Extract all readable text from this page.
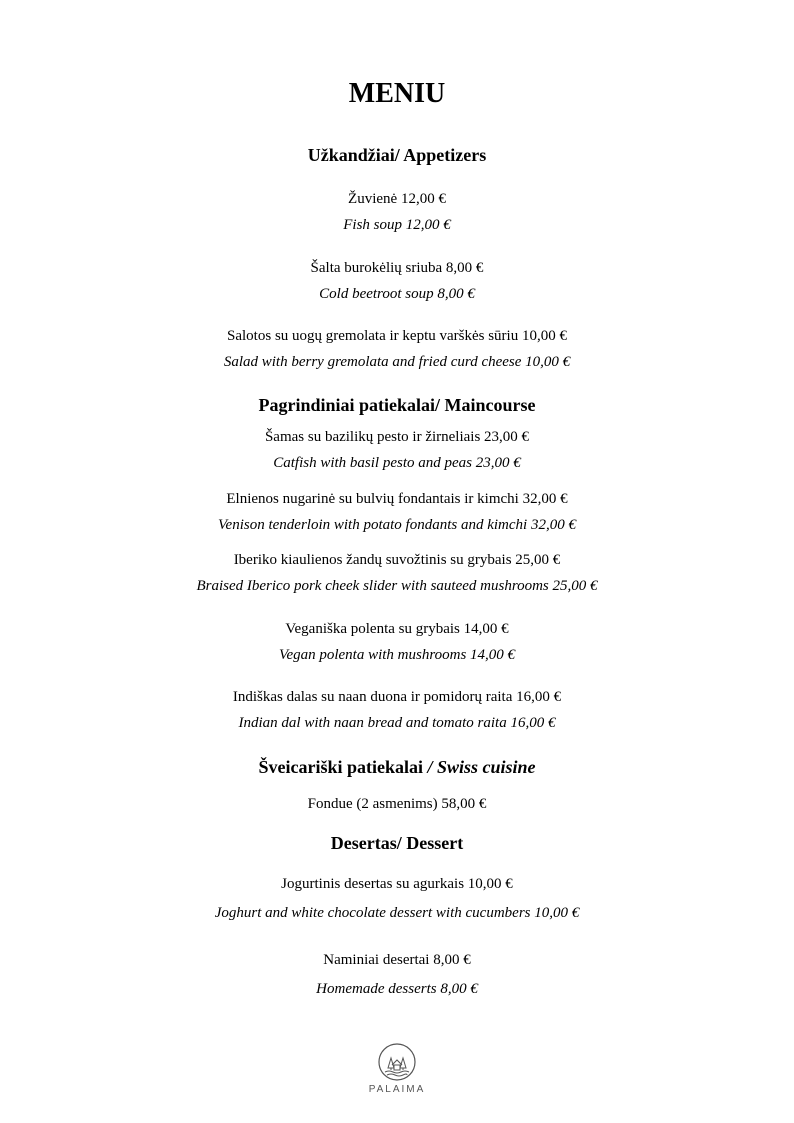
MENIU
Užkandžiai/ Appetizers
Žuvienė 12,00 €
Fish soup 12,00 €
Šalta burokėlių sriuba 8,00 €
Cold beetroot soup 8,00 €
Salotos su uogų gremolata ir keptu varškės sūriu 10,00 €
Salad with berry gremolata and fried curd cheese 10,00 €
Pagrindiniai patiekalai/ Maincourse
Šamas su bazilikų pesto ir žirneliais 23,00 €
Catfish with basil pesto and peas 23,00 €
Elnienos nugarinė su bulvių fondantais ir kimchi 32,00 €
Venison tenderloin with potato fondants and kimchi 32,00 €
Iberiko kiaulienos žandų suvožtinis su grybais 25,00 €
Braised Iberico pork cheek slider with sauteed mushrooms 25,00 €
Veganiška polenta su grybais 14,00 €
Vegan polenta with mushrooms 14,00 €
Indiškas dalas su naan duona ir pomidorų raita 16,00 €
Indian dal with naan bread and tomato raita 16,00 €
Šveicariški patiekalai / Swiss cuisine
Fondue (2 asmenims) 58,00 €
Desertas/ Dessert
Jogurtinis desertas su agurkais 10,00 €
Joghurt and white chocolate dessert with cucumbers 10,00 €
Naminiai desertai 8,00 €
Homemade desserts 8,00 €
PALAIMA
